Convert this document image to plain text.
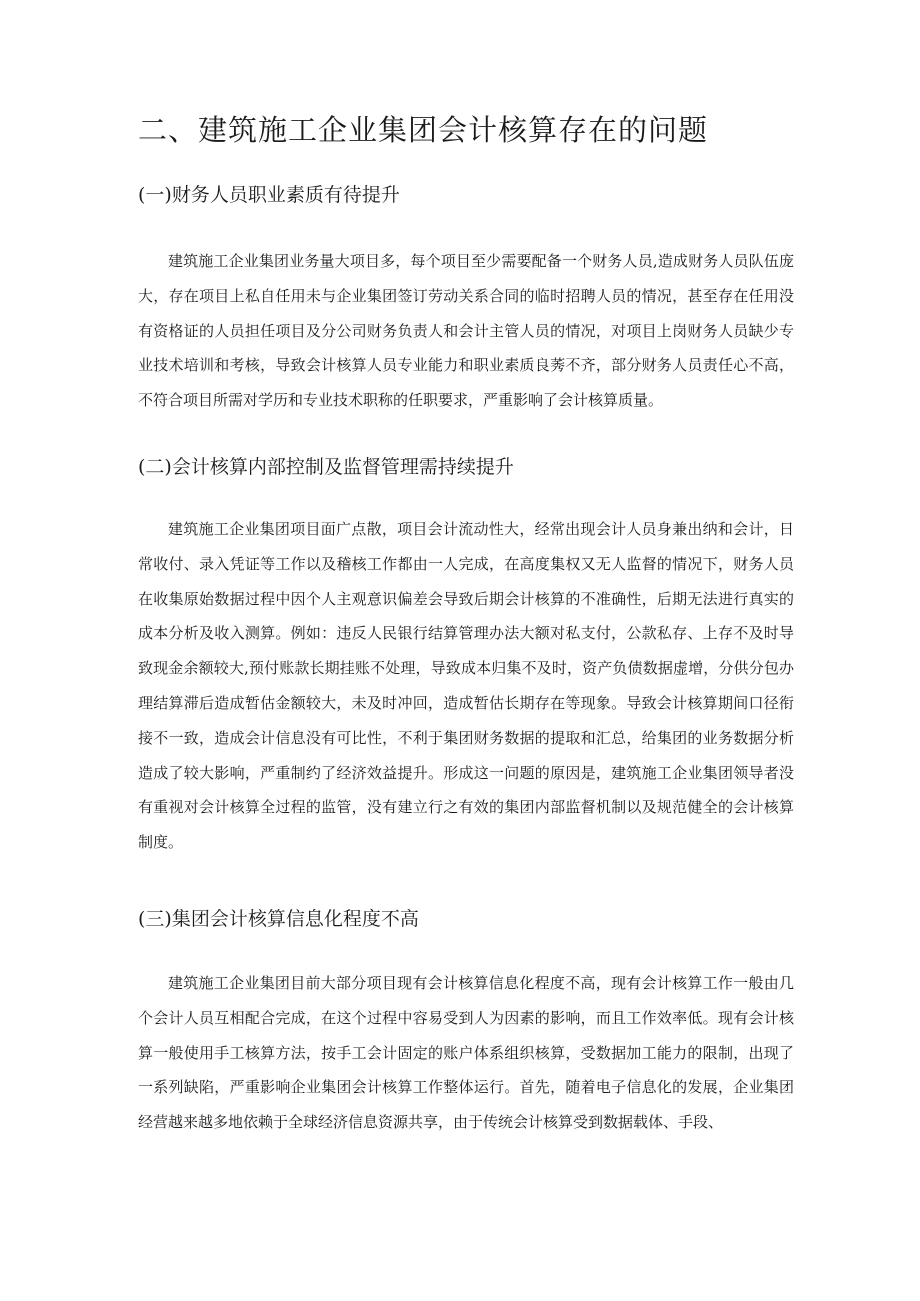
二、建筑施工企业集团会计核算存在的问题
(一)财务人员职业素质有待提升

建筑施工企业集团业务量大项目多，每个项目至少需要配备一个财务人员,造成财务人员队伍庞大，存在项目上私自任用未与企业集团签订劳动关系合同的临时招聘人员的情况，甚至存在任用没有资格证的人员担任项目及分公司财务负责人和会计主管人员的情况，对项目上岗财务人员缺少专业技术培训和考核，导致会计核算人员专业能力和职业素质良莠不齐，部分财务人员责任心不高，不符合项目所需对学历和专业技术职称的任职要求，严重影响了会计核算质量。

(二)会计核算内部控制及监督管理需持续提升

建筑施工企业集团项目面广点散，项目会计流动性大，经常出现会计人员身兼出纳和会计，日常收付、录入凭证等工作以及稽核工作都由一人完成，在高度集权又无人监督的情况下，财务人员在收集原始数据过程中因个人主观意识偏差会导致后期会计核算的不准确性，后期无法进行真实的成本分析及收入测算。例如：违反人民银行结算管理办法大额对私支付，公款私存、上存不及时导致现金余额较大,预付账款长期挂账不处理，导致成本归集不及时，资产负债数据虚增，分供分包办理结算滞后造成暂估金额较大，未及时冲回，造成暂估长期存在等现象。导致会计核算期间口径衔接不一致，造成会计信息没有可比性，不利于集团财务数据的提取和汇总，给集团的业务数据分析造成了较大影响，严重制约了经济效益提升。形成这一问题的原因是，建筑施工企业集团领导者没有重视对会计核算全过程的监管，没有建立行之有效的集团内部监督机制以及规范健全的会计核算制度。

(三)集团会计核算信息化程度不高

建筑施工企业集团目前大部分项目现有会计核算信息化程度不高，现有会计核算工作一般由几个会计人员互相配合完成，在这个过程中容易受到人为因素的影响，而且工作效率低。现有会计核算一般使用手工核算方法，按手工会计固定的账户体系组织核算，受数据加工能力的限制，出现了一系列缺陷，严重影响企业集团会计核算工作整体运行。首先，随着电子信息化的发展，企业集团经营越来越多地依赖于全球经济信息资源共享，由于传统会计核算受到数据载体、手段、
